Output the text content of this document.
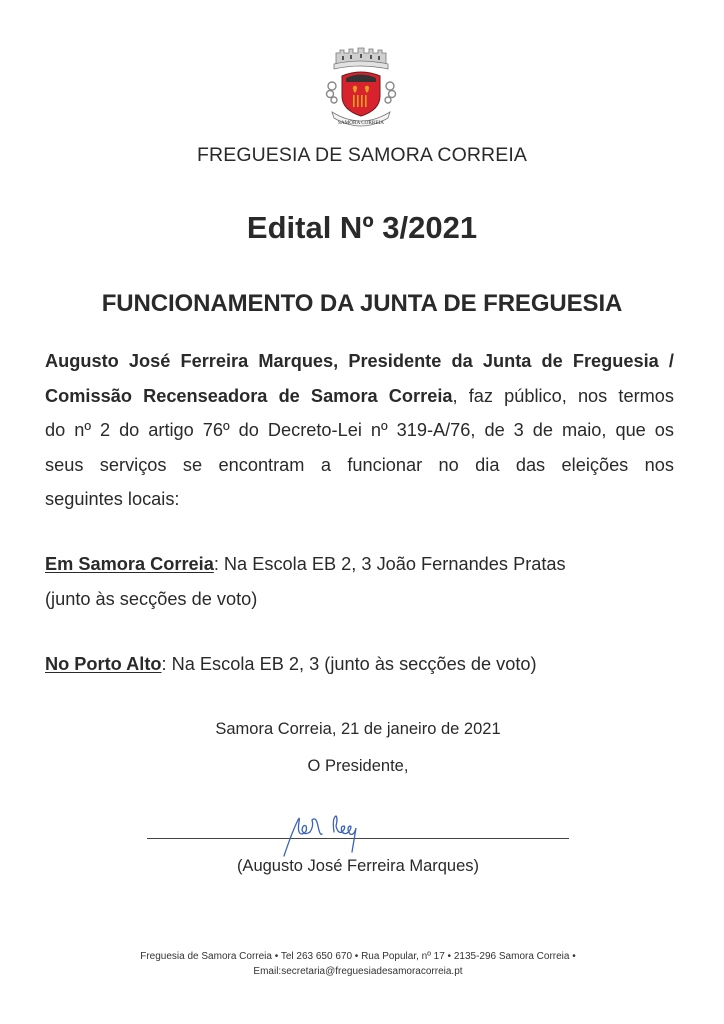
SAMORA CORREIA
FREGUESIA DE SAMORA CORREIA
Edital Nº 3/2021
FUNCIONAMENTO DA JUNTA DE FREGUESIA
Augusto José Ferreira Marques, Presidente da Junta de Freguesia /
Comissão Recenseadora de Samora Correia, faz público, nos termos
do nº 2 do artigo 76º do Decreto-Lei nº 319-A/76, de 3 de maio, que os
seus serviços se encontram a funcionar no dia das eleições nos
seguintes locais:
Em Samora Correia: Na Escola EB 2, 3 João Fernandes Pratas
(junto às secções de voto)
No Porto Alto: Na Escola EB 2, 3 (junto às secções de voto)
Samora Correia, 21 de janeiro de 2021
O Presidente,
(Augusto José Ferreira Marques)
Freguesia de Samora Correia • Tel 263 650 670 • Rua Popular, nº 17 • 2135-296 Samora Correia •
Email:secretaria@freguesiadesamoracorreia.pt
